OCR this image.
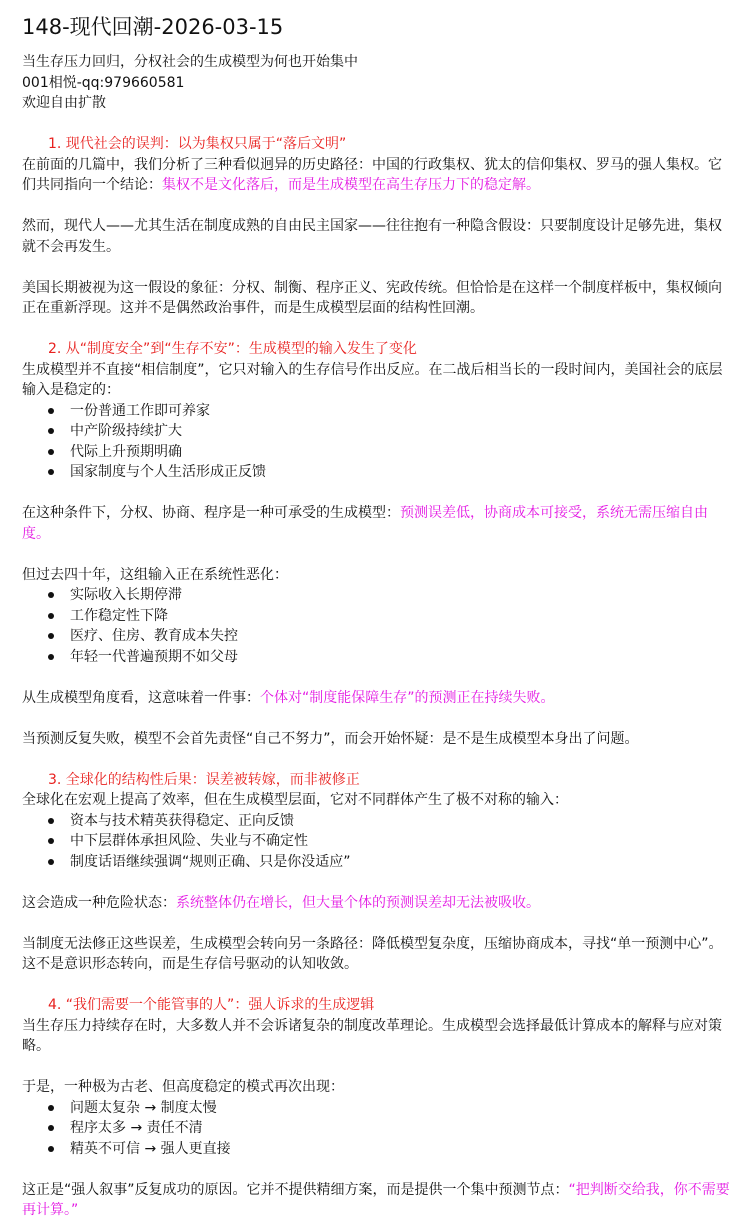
148-现代回潮-2026-03-15

当生存压力回归，分权社会的生成模型为何也开始集中

001相悦-qq:979660581

欢迎自由扩散

1. 现代社会的误判：以为集权只属于“落后文明”

在前面的几篇中，我们分析了三种看似迥异的历史路径：中国的行政集权、犹太的信仰集权、罗马的强人集权。它们共同指向一个结论：集权不是文化落后，而是生成模型在高生存压力下的稳定解。

然而，现代人——尤其生活在制度成熟的自由民主国家——往往抱有一种隐含假设：只要制度设计足够先进，集权就不会再发生。

美国长期被视为这一假设的象征：分权、制衡、程序正义、宪政传统。但恰恰是在这样一个制度样板中，集权倾向正在重新浮现。这并不是偶然政治事件，而是生成模型层面的结构性回潮。

2. 从“制度安全”到“生存不安”：生成模型的输入发生了变化

生成模型并不直接“相信制度”，它只对输入的生存信号作出反应。在二战后相当长的一段时间内，美国社会的底层输入是稳定的：

一份普通工作即可养家
中产阶级持续扩大
代际上升预期明确
国家制度与个人生活形成正反馈

在这种条件下，分权、协商、程序是一种可承受的生成模型：预测误差低，协商成本可接受，系统无需压缩自由度。

但过去四十年，这组输入正在系统性恶化：

实际收入长期停滞
工作稳定性下降
医疗、住房、教育成本失控
年轻一代普遍预期不如父母

从生成模型角度看，这意味着一件事：个体对“制度能保障生存”的预测正在持续失败。

当预测反复失败，模型不会首先责怪“自己不努力”，而会开始怀疑：是不是生成模型本身出了问题。

3. 全球化的结构性后果：误差被转嫁，而非被修正

全球化在宏观上提高了效率，但在生成模型层面，它对不同群体产生了极不对称的输入：

资本与技术精英获得稳定、正向反馈
中下层群体承担风险、失业与不确定性
制度话语继续强调“规则正确、只是你没适应”

这会造成一种危险状态：系统整体仍在增长，但大量个体的预测误差却无法被吸收。

当制度无法修正这些误差，生成模型会转向另一条路径：降低模型复杂度，压缩协商成本，寻找“单一预测中心”。这不是意识形态转向，而是生存信号驱动的认知收敛。

4. “我们需要一个能管事的人”：强人诉求的生成逻辑

当生存压力持续存在时，大多数人并不会诉诸复杂的制度改革理论。生成模型会选择最低计算成本的解释与应对策略。

于是，一种极为古老、但高度稳定的模式再次出现：

问题太复杂 → 制度太慢
程序太多 → 责任不清
精英不可信 → 强人更直接

这正是“强人叙事”反复成功的原因。它并不提供精细方案，而是提供一个集中预测节点：“把判断交给我，你不需要再计算。”
